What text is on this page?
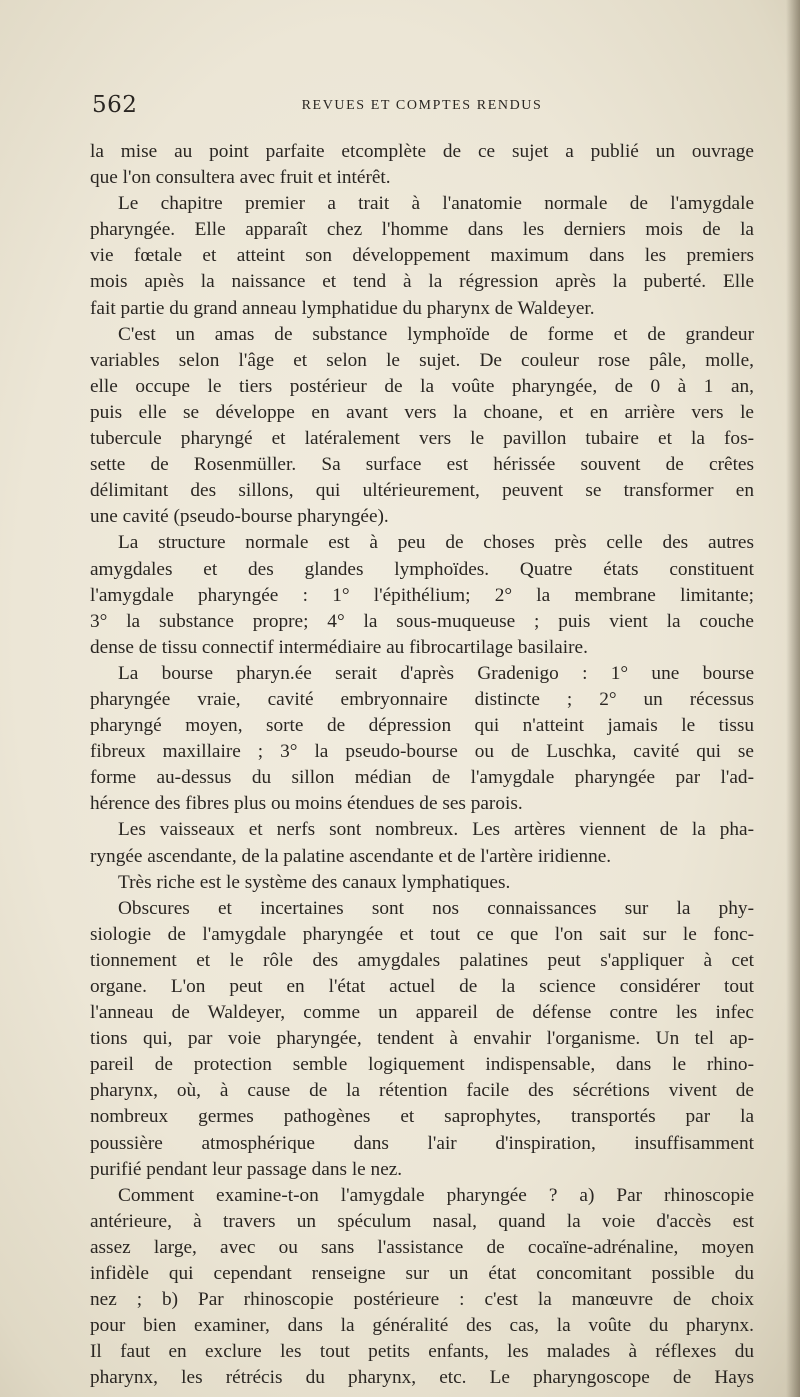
562	REVUES ET COMPTES RENDUS
la mise au point parfaite etcomplète de ce sujet a publié un ouvrage
que l'on consultera avec fruit et intérêt.
Le chapitre premier a trait à l'anatomie normale de l'amygdale
pharyngée. Elle apparaît chez l'homme dans les derniers mois de la
vie fœtale et atteint son développement maximum dans les premiers
mois apıès la naissance et tend à la régression après la puberté. Elle
fait partie du grand anneau lymphatidue du pharynx de Waldeyer.
C'est un amas de substance lymphoïde de forme et de grandeur
variables selon l'âge et selon le sujet. De couleur rose pâle, molle,
elle occupe le tiers postérieur de la voûte pharyngée, de 0 à 1 an,
puis elle se développe en avant vers la choane, et en arrière vers le
tubercule pharyngé et latéralement vers le pavillon tubaire et la fos-
sette de Rosenmüller. Sa surface est hérissée souvent de crêtes
délimitant des sillons, qui ultérieurement, peuvent se transformer en
une cavité (pseudo-bourse pharyngée).
La structure normale est à peu de choses près celle des autres
amygdales et des glandes lymphoïdes. Quatre états constituent
l'amygdale pharyngée : 1° l'épithélium; 2° la membrane limitante;
3° la substance propre; 4° la sous-muqueuse ; puis vient la couche
dense de tissu connectif intermédiaire au fibrocartilage basilaire.
La bourse pharyn.ée serait d'après Gradenigo : 1° une bourse
pharyngée vraie, cavité embryonnaire distincte ; 2° un récessus
pharyngé moyen, sorte de dépression qui n'atteint jamais le tissu
fibreux maxillaire ; 3° la pseudo-bourse ou de Luschka, cavité qui se
forme au-dessus du sillon médian de l'amygdale pharyngée par l'ad-
hérence des fibres plus ou moins étendues de ses parois.
Les vaisseaux et nerfs sont nombreux. Les artères viennent de la pha-
ryngée ascendante, de la palatine ascendante et de l'artère iridienne.
Très riche est le système des canaux lymphatiques.
Obscures et incertaines sont nos connaissances sur la phy-
siologie de l'amygdale pharyngée et tout ce que l'on sait sur le fonc-
tionnement et le rôle des amygdales palatines peut s'appliquer à cet
organe. L'on peut en l'état actuel de la science considérer tout
l'anneau de Waldeyer, comme un appareil de défense contre les infec
tions qui, par voie pharyngée, tendent à envahir l'organisme. Un tel ap-
pareil de protection semble logiquement indispensable, dans le rhino-
pharynx, où, à cause de la rétention facile des sécrétions vivent de
nombreux germes pathogènes et saprophytes, transportés par la
poussière atmosphérique dans l'air d'inspiration, insuffisamment
purifié pendant leur passage dans le nez.
Comment examine-t-on l'amygdale pharyngée ? a) Par rhinoscopie
antérieure, à travers un spéculum nasal, quand la voie d'accès est
assez large, avec ou sans l'assistance de cocaïne-adrénaline, moyen
infidèle qui cependant renseigne sur un état concomitant possible du
nez ; b) Par rhinoscopie postérieure : c'est la manœuvre de choix
pour bien examiner, dans la généralité des cas, la voûte du pharynx.
Il faut en exclure les tout petits enfants, les malades à réflexes du
pharynx, les rétrécis du pharynx, etc. Le pharyngoscope de Hays
